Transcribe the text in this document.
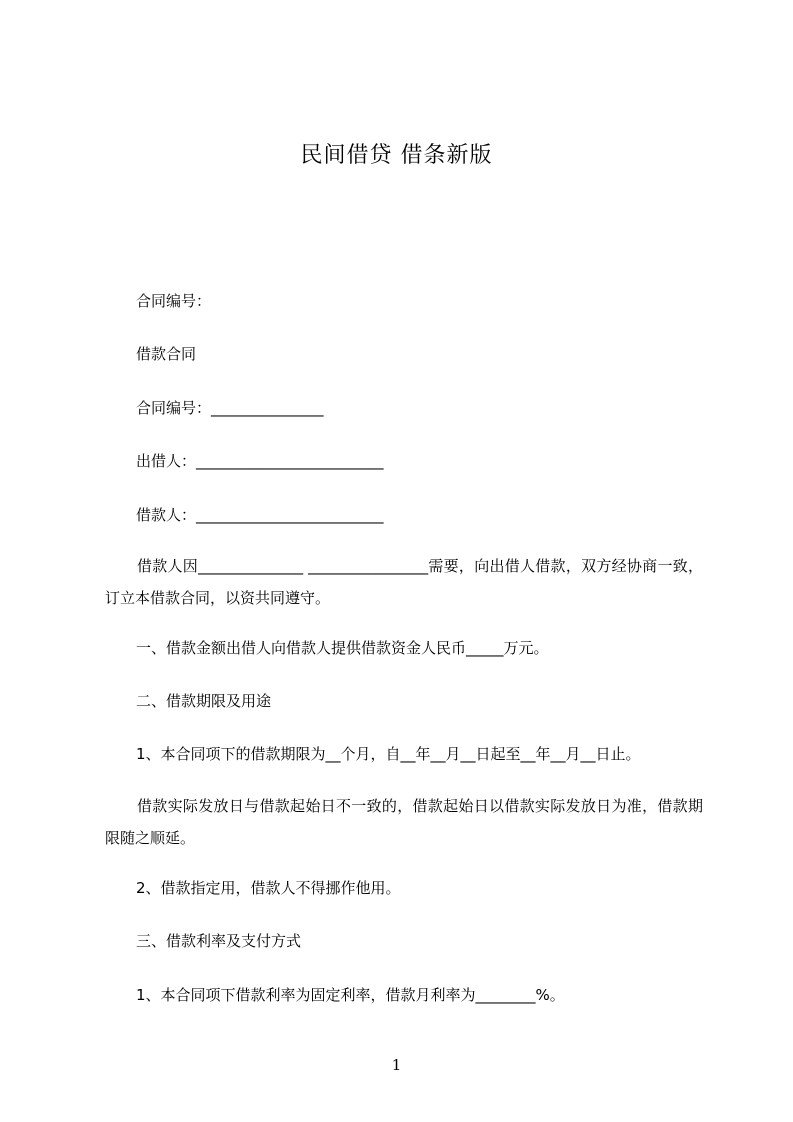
民间借贷 借条新版
合同编号：
借款合同
合同编号：_______________
出借人：_________________________
借款人：_________________________
借款人因______________ ________________需要，向出借人借款，双方经协商一致，订立本借款合同，以资共同遵守。
一、借款金额出借人向借款人提供借款资金人民币_____万元。
二、借款期限及用途
1、本合同项下的借款期限为__个月，自__年__月__日起至__年__月__日止。
借款实际发放日与借款起始日不一致的，借款起始日以借款实际发放日为准，借款期限随之顺延。
2、借款指定用，借款人不得挪作他用。
三、借款利率及支付方式
1、本合同项下借款利率为固定利率，借款月利率为________%。
1
